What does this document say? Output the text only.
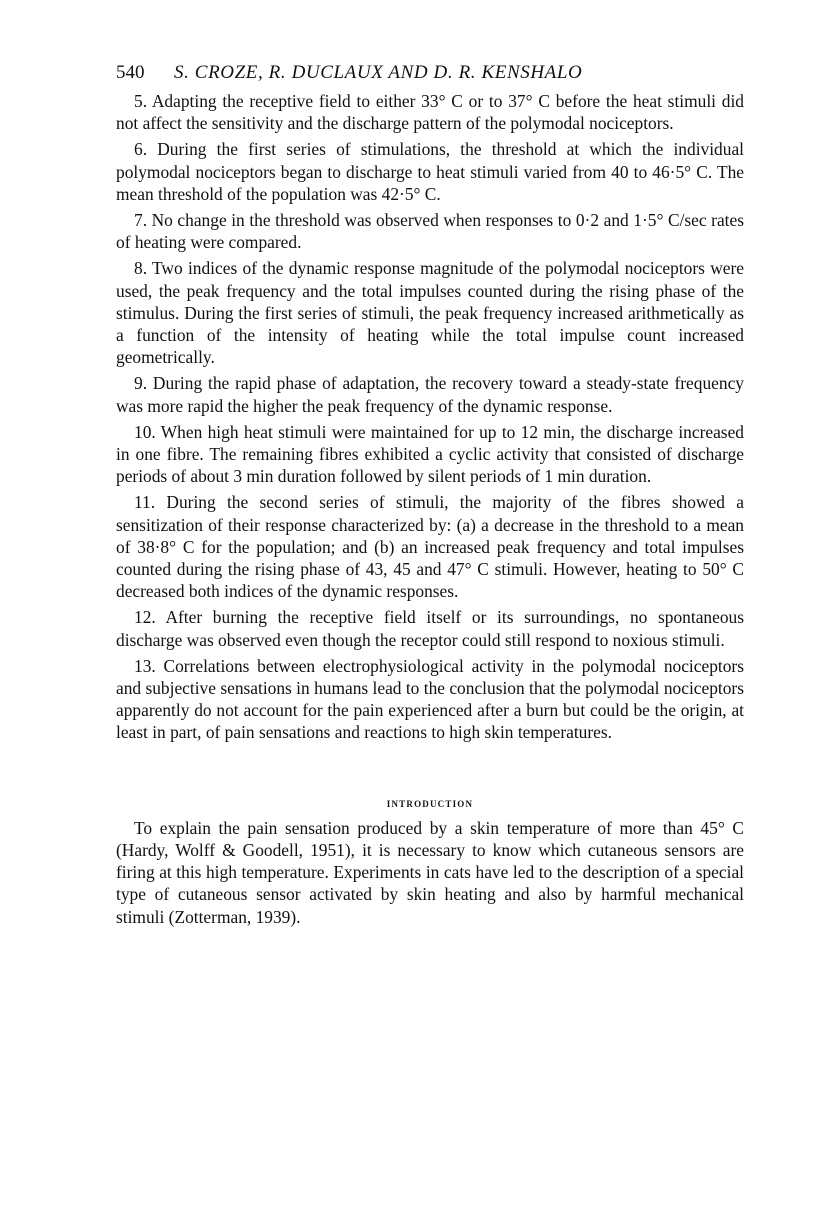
540	S. CROZE, R. DUCLAUX AND D. R. KENSHALO

5. Adapting the receptive field to either 33° C or to 37° C before the heat stimuli did not affect the sensitivity and the discharge pattern of the polymodal nociceptors.

6. During the first series of stimulations, the threshold at which the individual polymodal nociceptors began to discharge to heat stimuli varied from 40 to 46·5° C. The mean threshold of the population was 42·5° C.

7. No change in the threshold was observed when responses to 0·2 and 1·5° C/sec rates of heating were compared.

8. Two indices of the dynamic response magnitude of the polymodal nociceptors were used, the peak frequency and the total impulses counted during the rising phase of the stimulus. During the first series of stimuli, the peak frequency increased arithmetically as a function of the intensity of heating while the total impulse count increased geometrically.

9. During the rapid phase of adaptation, the recovery toward a steady-state frequency was more rapid the higher the peak frequency of the dynamic response.

10. When high heat stimuli were maintained for up to 12 min, the discharge increased in one fibre. The remaining fibres exhibited a cyclic activity that consisted of discharge periods of about 3 min duration followed by silent periods of 1 min duration.

11. During the second series of stimuli, the majority of the fibres showed a sensitization of their response characterized by: (a) a decrease in the threshold to a mean of 38·8° C for the population; and (b) an increased peak frequency and total impulses counted during the rising phase of 43, 45 and 47° C stimuli. However, heating to 50° C decreased both indices of the dynamic responses.

12. After burning the receptive field itself or its surroundings, no spontaneous discharge was observed even though the receptor could still respond to noxious stimuli.

13. Correlations between electrophysiological activity in the polymodal nociceptors and subjective sensations in humans lead to the conclusion that the polymodal nociceptors apparently do not account for the pain experienced after a burn but could be the origin, at least in part, of pain sensations and reactions to high skin temperatures.

introduction

To explain the pain sensation produced by a skin temperature of more than 45° C (Hardy, Wolff & Goodell, 1951), it is necessary to know which cutaneous sensors are firing at this high temperature. Experiments in cats have led to the description of a special type of cutaneous sensor activated by skin heating and also by harmful mechanical stimuli (Zotterman, 1939).
